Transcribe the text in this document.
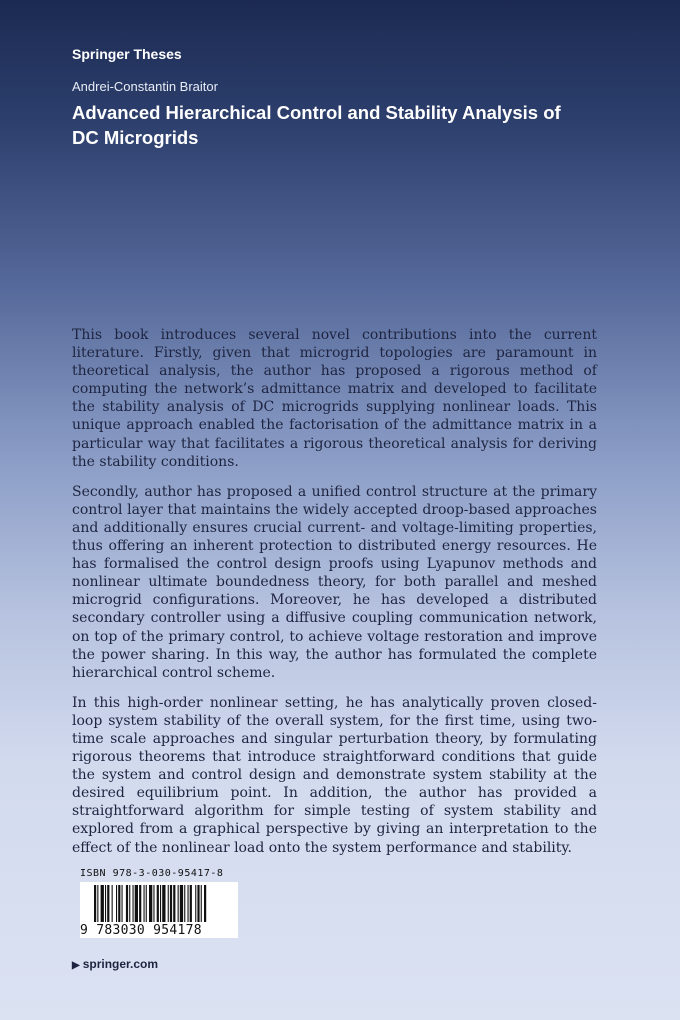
Springer Theses
Andrei-Constantin Braitor
Advanced Hierarchical Control and Stability Analysis of DC Microgrids

This book introduces several novel contributions into the current literature. Firstly, given that microgrid topologies are paramount in theoretical analysis, the author has proposed a rigorous method of computing the network’s admittance matrix and developed to facilitate the stability analysis of DC microgrids supplying nonlinear loads. This unique approach enabled the factorisation of the admittance matrix in a particular way that facilitates a rigorous theoretical analysis for deriving the stability conditions.

Secondly, author has proposed a unified control structure at the primary control layer that maintains the widely accepted droop-based approaches and additionally ensures crucial current- and voltage-limiting properties, thus offering an inherent protection to distributed energy resources. He has formalised the control design proofs using Lyapunov methods and nonlinear ultimate boundedness theory, for both parallel and meshed microgrid configurations. Moreover, he has developed a distributed secondary controller using a diffusive coupling communication network, on top of the primary control, to achieve voltage restoration and improve the power sharing. In this way, the author has formulated the complete hierarchical control scheme.

In this high-order nonlinear setting, he has analytically proven closed-loop system stability of the overall system, for the first time, using two-time scale approaches and singular perturbation theory, by formulating rigorous theorems that introduce straightforward conditions that guide the system and control design and demonstrate system stability at the desired equilibrium point. In addition, the author has provided a straightforward algorithm for simple testing of system stability and explored from a graphical perspective by giving an interpretation to the effect of the nonlinear load onto the system performance and stability.

ISBN 978-3-030-95417-8
9 783030 954178
▶ springer.com
